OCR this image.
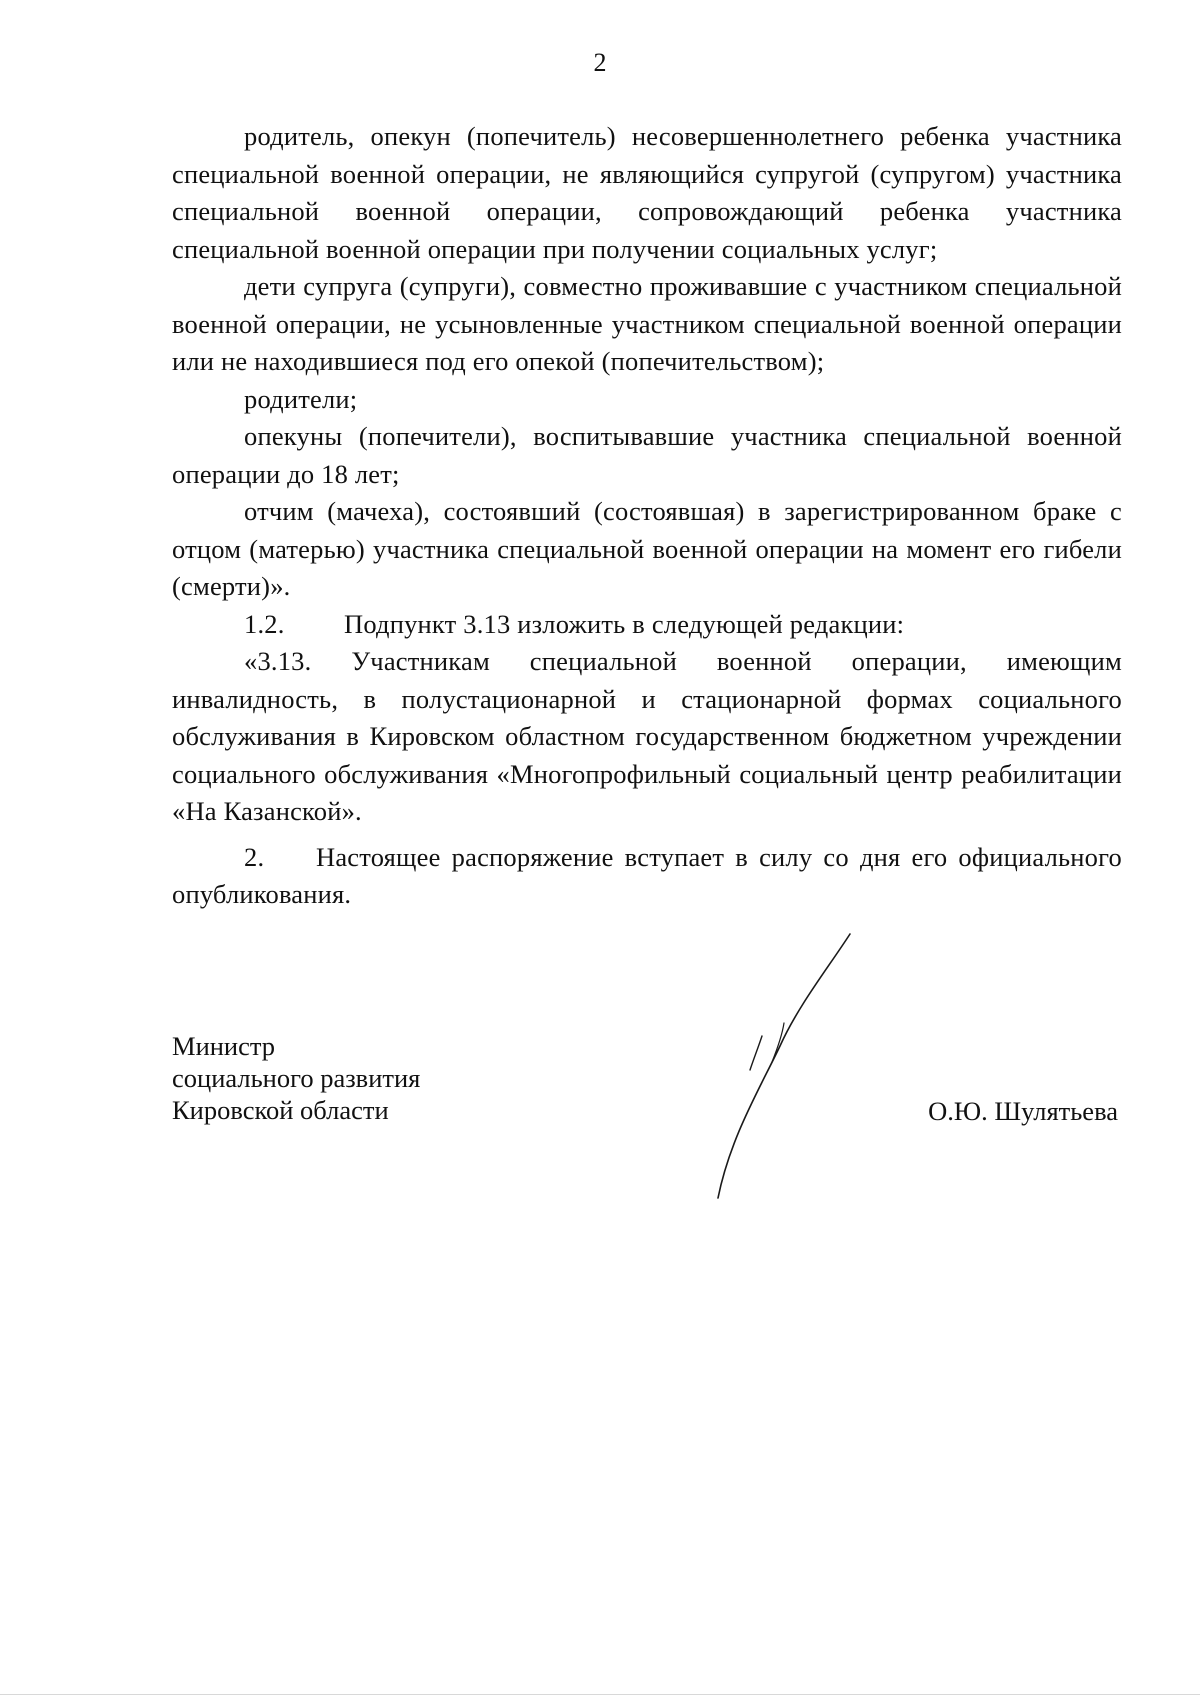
2

родитель, опекун (попечитель) несовершеннолетнего ребенка участника специальной военной операции, не являющийся супругой (супругом) участника специальной военной операции, сопровождающий ребенка участника специальной военной операции при получении социальных услуг;

дети супруга (супруги), совместно проживавшие с участником специальной военной операции, не усыновленные участником специальной военной операции или не находившиеся под его опекой (попечительством);

родители;

опекуны (попечители), воспитывавшие участника специальной военной операции до 18 лет;

отчим (мачеха), состоявший (состоявшая) в зарегистрированном браке с отцом (матерью) участника специальной военной операции на момент его гибели (смерти)».

1.2. Подпункт 3.13 изложить в следующей редакции:

«3.13. Участникам специальной военной операции, имеющим инвалидность, в полустационарной и стационарной формах социального обслуживания в Кировском областном государственном бюджетном учреждении социального обслуживания «Многопрофильный социальный центр реабилитации «На Казанской».

2. Настоящее распоряжение вступает в силу со дня его официального опубликования.

Министр
социального развития
Кировской области	О.Ю. Шулятьева
